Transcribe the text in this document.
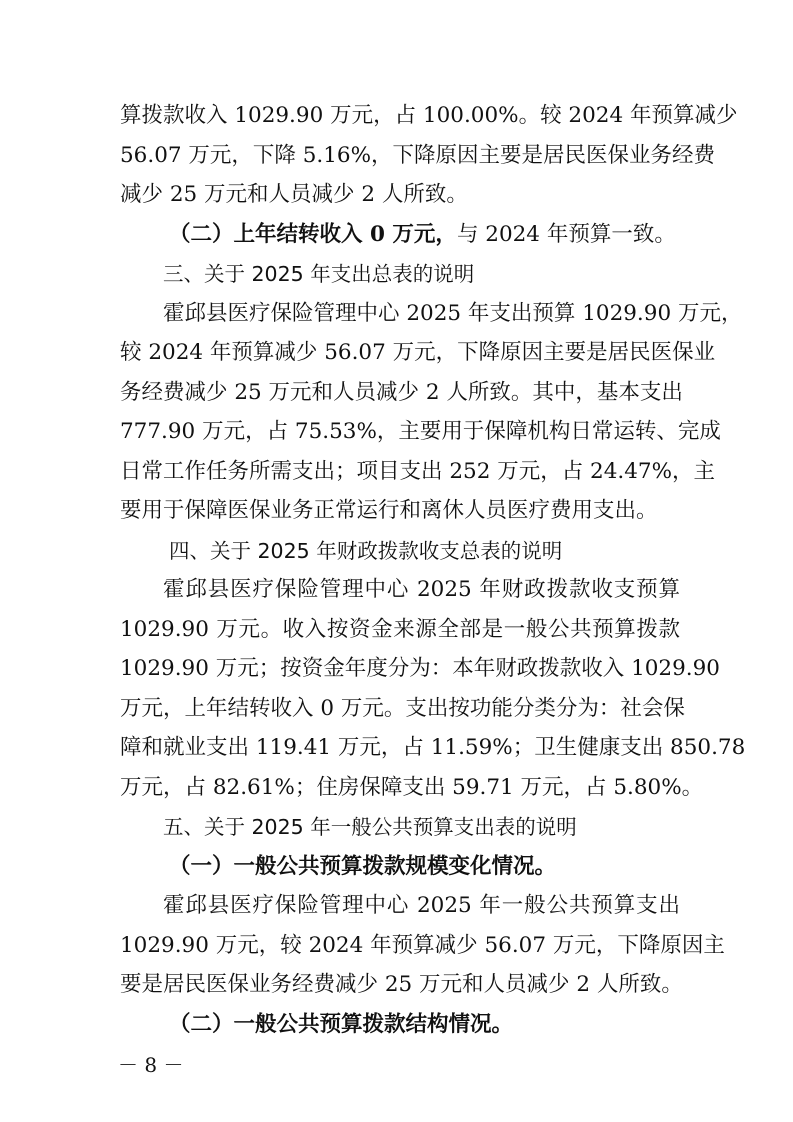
算拨款收入 1029.90 万元，占 100.00%。较 2024 年预算减少
56.07 万元，下降 5.16%，下降原因主要是居民医保业务经费
减少 25 万元和人员减少 2 人所致。
（二）上年结转收入 0 万元，与 2024 年预算一致。
三、关于 2025 年支出总表的说明
霍邱县医疗保险管理中心 2025 年支出预算 1029.90 万元，
较 2024 年预算减少 56.07 万元，下降原因主要是居民医保业
务经费减少 25 万元和人员减少 2 人所致。其中，基本支出
777.90 万元，占 75.53%，主要用于保障机构日常运转、完成
日常工作任务所需支出；项目支出 252 万元，占 24.47%，主
要用于保障医保业务正常运行和离休人员医疗费用支出。
四、关于 2025 年财政拨款收支总表的说明
霍邱县医疗保险管理中心 2025 年财政拨款收支预算
1029.90 万元。收入按资金来源全部是一般公共预算拨款
1029.90 万元；按资金年度分为：本年财政拨款收入 1029.90
万元，上年结转收入 0 万元。支出按功能分类分为：社会保
障和就业支出 119.41 万元，占 11.59%；卫生健康支出 850.78
万元，占 82.61%；住房保障支出 59.71 万元，占 5.80%。
五、关于 2025 年一般公共预算支出表的说明
（一）一般公共预算拨款规模变化情况。
霍邱县医疗保险管理中心 2025 年一般公共预算支出
1029.90 万元，较 2024 年预算减少 56.07 万元，下降原因主
要是居民医保业务经费减少 25 万元和人员减少 2 人所致。
（二）一般公共预算拨款结构情况。
－ 8 －
